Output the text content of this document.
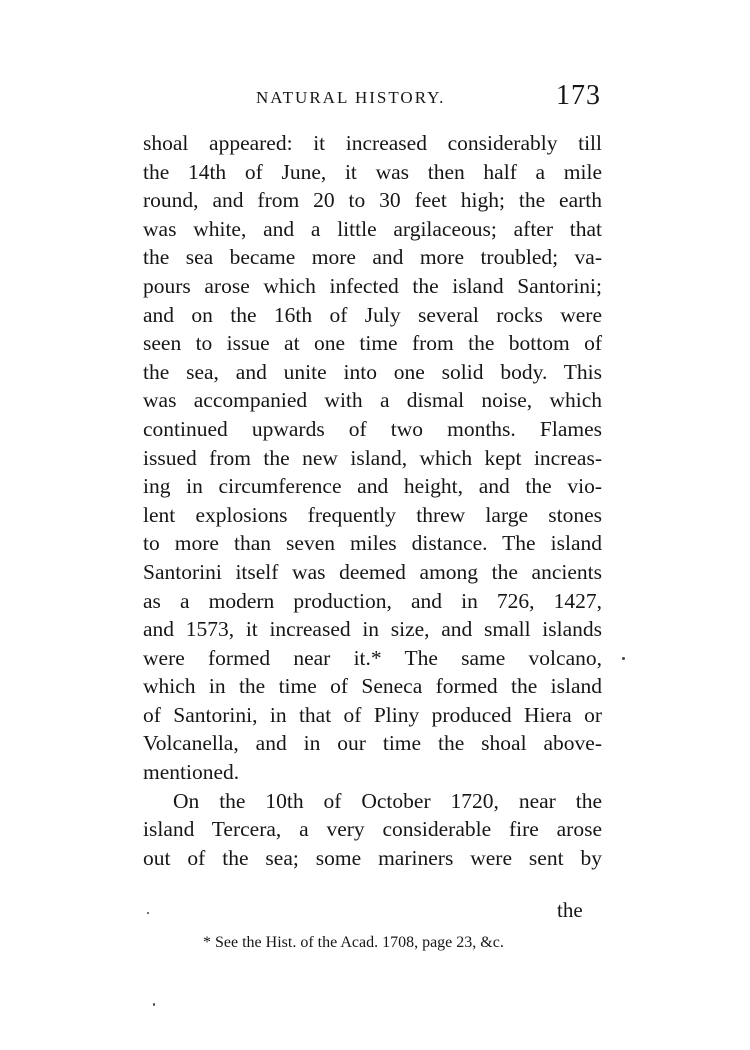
NATURAL HISTORY.	173
shoal appeared: it increased considerably till
the 14th of June, it was then half a mile
round, and from 20 to 30 feet high; the earth
was white, and a little argilaceous; after that
the sea became more and more troubled; va-
pours arose which infected the island Santorini;
and on the 16th of July several rocks were
seen to issue at one time from the bottom of
the sea, and unite into one solid body. This
was accompanied with a dismal noise, which
continued upwards of two months. Flames
issued from the new island, which kept increas-
ing in circumference and height, and the vio-
lent explosions frequently threw large stones
to more than seven miles distance. The island
Santorini itself was deemed among the ancients
as a modern production, and in 726, 1427,
and 1573, it increased in size, and small islands
were formed near it.* The same volcano,
which in the time of Seneca formed the island
of Santorini, in that of Pliny produced Hiera or
Volcanella, and in our time the shoal above-
mentioned.
On the 10th of October 1720, near the
island Tercera, a very considerable fire arose
out of the sea; some mariners were sent by
the
* See the Hist. of the Acad. 1708, page 23, &c.
